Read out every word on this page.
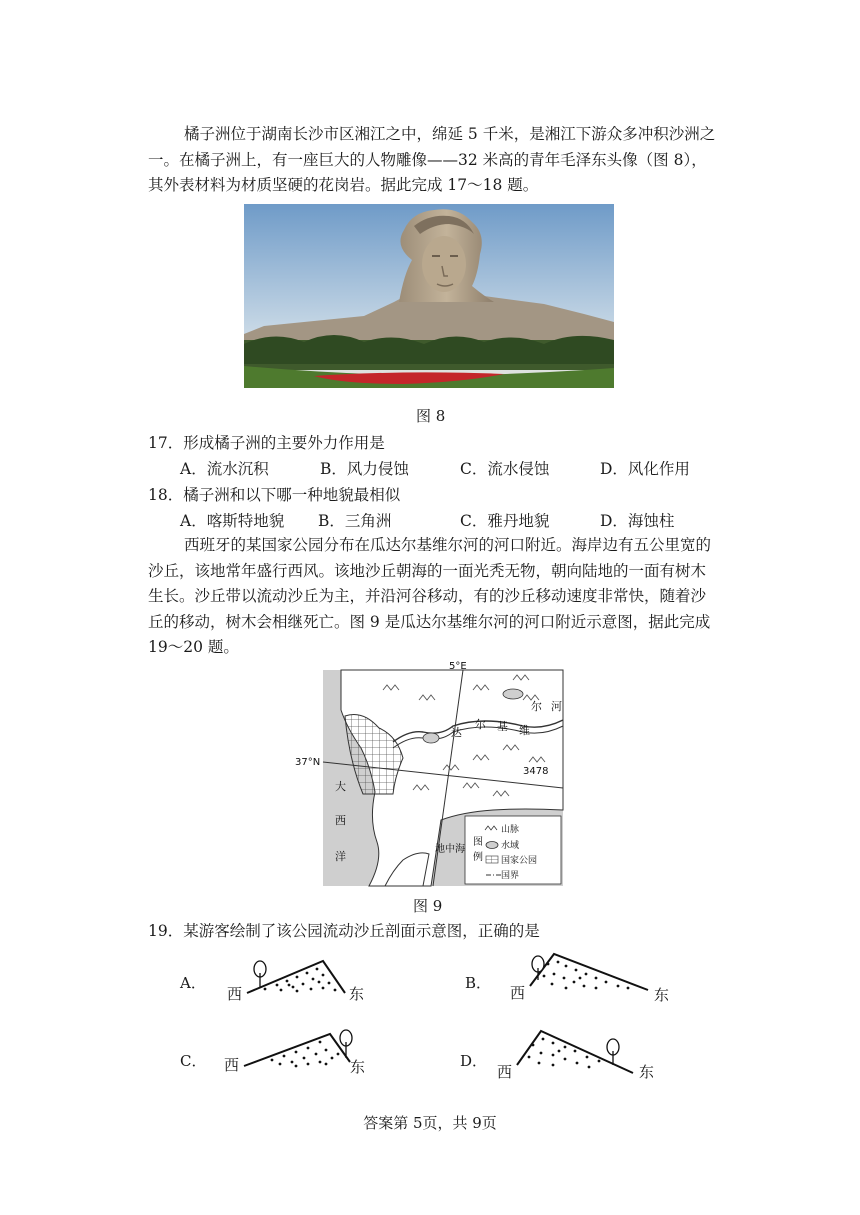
橘子洲位于湖南长沙市区湘江之中，绵延 5 千米，是湘江下游众多冲积沙洲之一。在橘子洲上，有一座巨大的人物雕像——32 米高的青年毛泽东头像（图 8），其外表材料为材质坚硬的花岗岩。据此完成 17～18 题。

图 8

17．形成橘子洲的主要外力作用是

A．流水沉积	B．风力侵蚀	C．流水侵蚀	D．风化作用

18．橘子洲和以下哪一种地貌最相似

A．喀斯特地貌	B．三角洲	C．雅丹地貌	D．海蚀柱

西班牙的某国家公园分布在瓜达尔基维尔河的河口附近。海岸边有五公里宽的沙丘，该地常年盛行西风。该地沙丘朝海的一面光秃无物，朝向陆地的一面有树木生长。沙丘带以流动沙丘为主，并沿河谷移动，有的沙丘移动速度非常快，随着沙丘的移动，树木会相继死亡。图 9 是瓜达尔基维尔河的河口附近示意图，据此完成 19～20 题。

5°E
37°N
达
尔 基 维
尔 河
3478
大
西
洋
地中海
图
例
山脉
水域
国家公园
国界
图 9

19．某游客绘制了该公园流动沙丘剖面示意图，正确的是

A．
西	东
B．
西	东
C． 西	东	D．
西	东
答案第 5页，共 9页
